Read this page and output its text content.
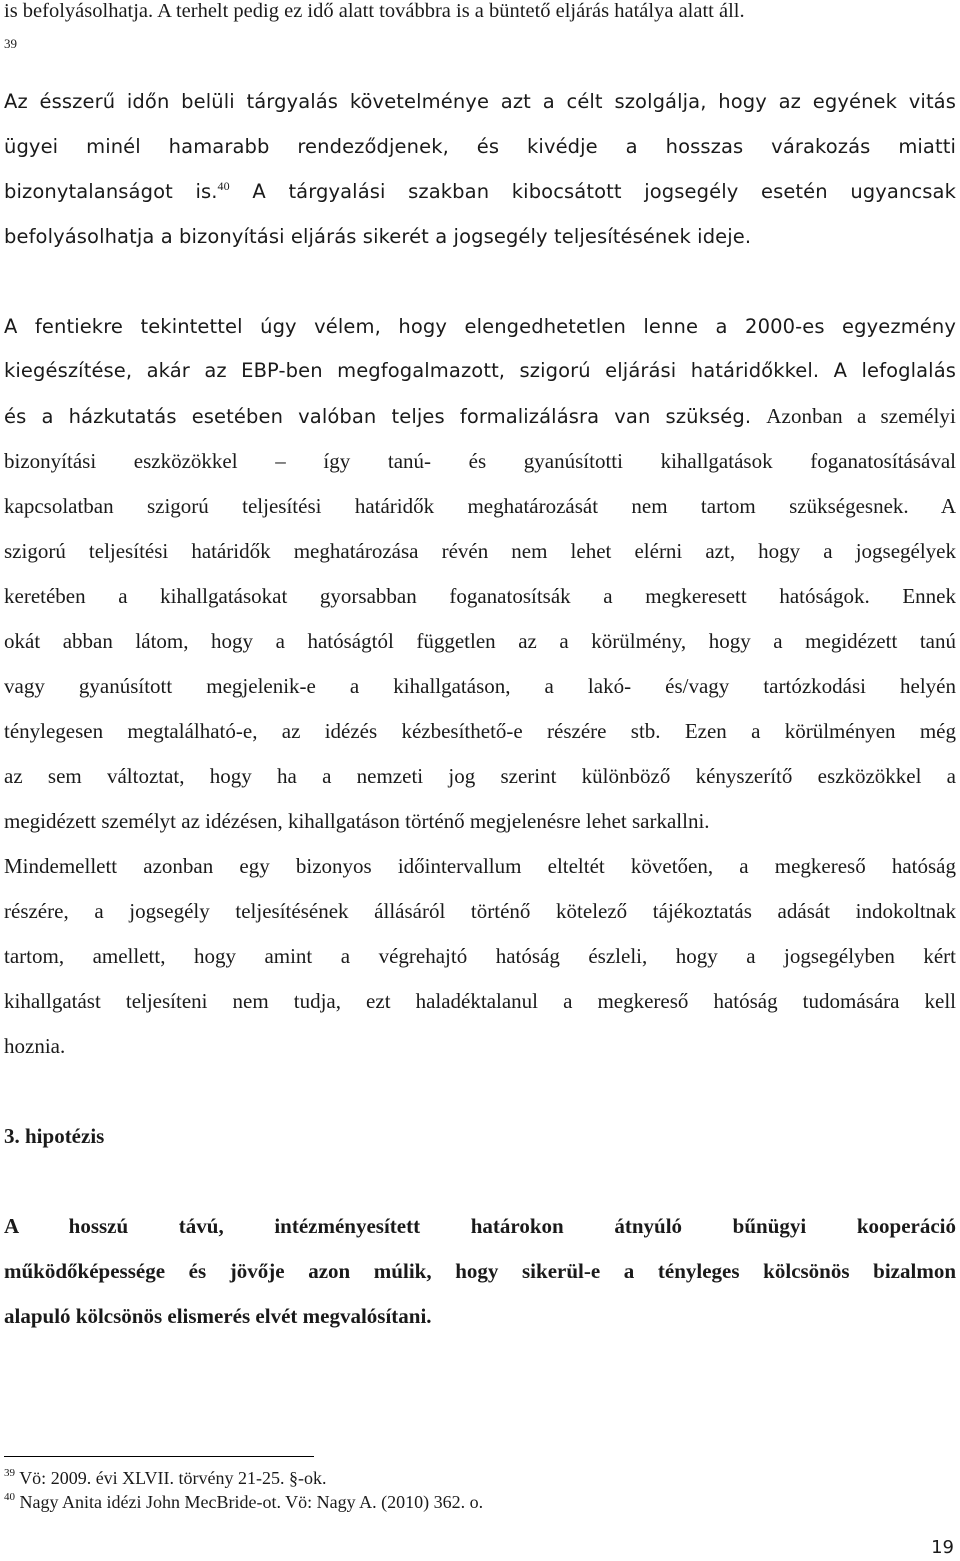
is befolyásolhatja. A terhelt pedig ez idő alatt továbbra is a büntető eljárás hatálya alatt áll.

39

Az ésszerű időn belüli tárgyalás követelménye azt a célt szolgálja, hogy az egyének vitás

ügyei minél hamarabb rendeződjenek, és kivédje a hosszas várakozás miatti

bizonytalanságot is.$^{40}$ A tárgyalási szakban kibocsátott jogsegély esetén ugyancsak

befolyásolhatja a bizonyítási eljárás sikerét a jogsegély teljesítésének ideje.

A fentiekre tekintettel úgy vélem, hogy elengedhetetlen lenne a 2000-es egyezmény

kiegészítése, akár az EBP-ben megfogalmazott, szigorú eljárási határidőkkel. A lefoglalás

és a házkutatás esetében valóban teljes formalizálásra van szükség. Azonban a személyi

bizonyítási eszközökkel – így tanú- és gyanúsítotti kihallgatások foganatosításával

kapcsolatban szigorú teljesítési határidők meghatározását nem tartom szükségesnek. A

szigorú teljesítési határidők meghatározása révén nem lehet elérni azt, hogy a jogsegélyek

keretében a kihallgatásokat gyorsabban foganatosítsák a megkeresett hatóságok. Ennek

okát abban látom, hogy a hatóságtól független az a körülmény, hogy a megidézett tanú

vagy gyanúsított megjelenik-e a kihallgatáson, a lakó- és/vagy tartózkodási helyén

ténylegesen megtalálható-e, az idézés kézbesíthető-e részére stb. Ezen a körülményen még

az sem változtat, hogy ha a nemzeti jog szerint különböző kényszerítő eszközökkel a

megidézett személyt az idézésen, kihallgatáson történő megjelenésre lehet sarkallni.

Mindemellett azonban egy bizonyos időintervallum elteltét követően, a megkereső hatóság

részére, a jogsegély teljesítésének állásáról történő kötelező tájékoztatás adását indokoltnak

tartom, amellett, hogy amint a végrehajtó hatóság észleli, hogy a jogsegélyben kért

kihallgatást teljesíteni nem tudja, ezt haladéktalanul a megkereső hatóság tudomására kell

hoznia.

3. hipotézis

A hosszú távú, intézményesített határokon átnyúló bűnügyi kooperáció

működőképessége és jövője azon múlik, hogy sikerül-e a tényleges kölcsönös bizalmon

alapuló kölcsönös elismerés elvét megvalósítani.

$^{39}$ Vö: 2009. évi XLVII. törvény 21-25. §-ok.

$^{40}$ Nagy Anita idézi John MecBride-ot. Vö: Nagy A. (2010) 362. o.

19
